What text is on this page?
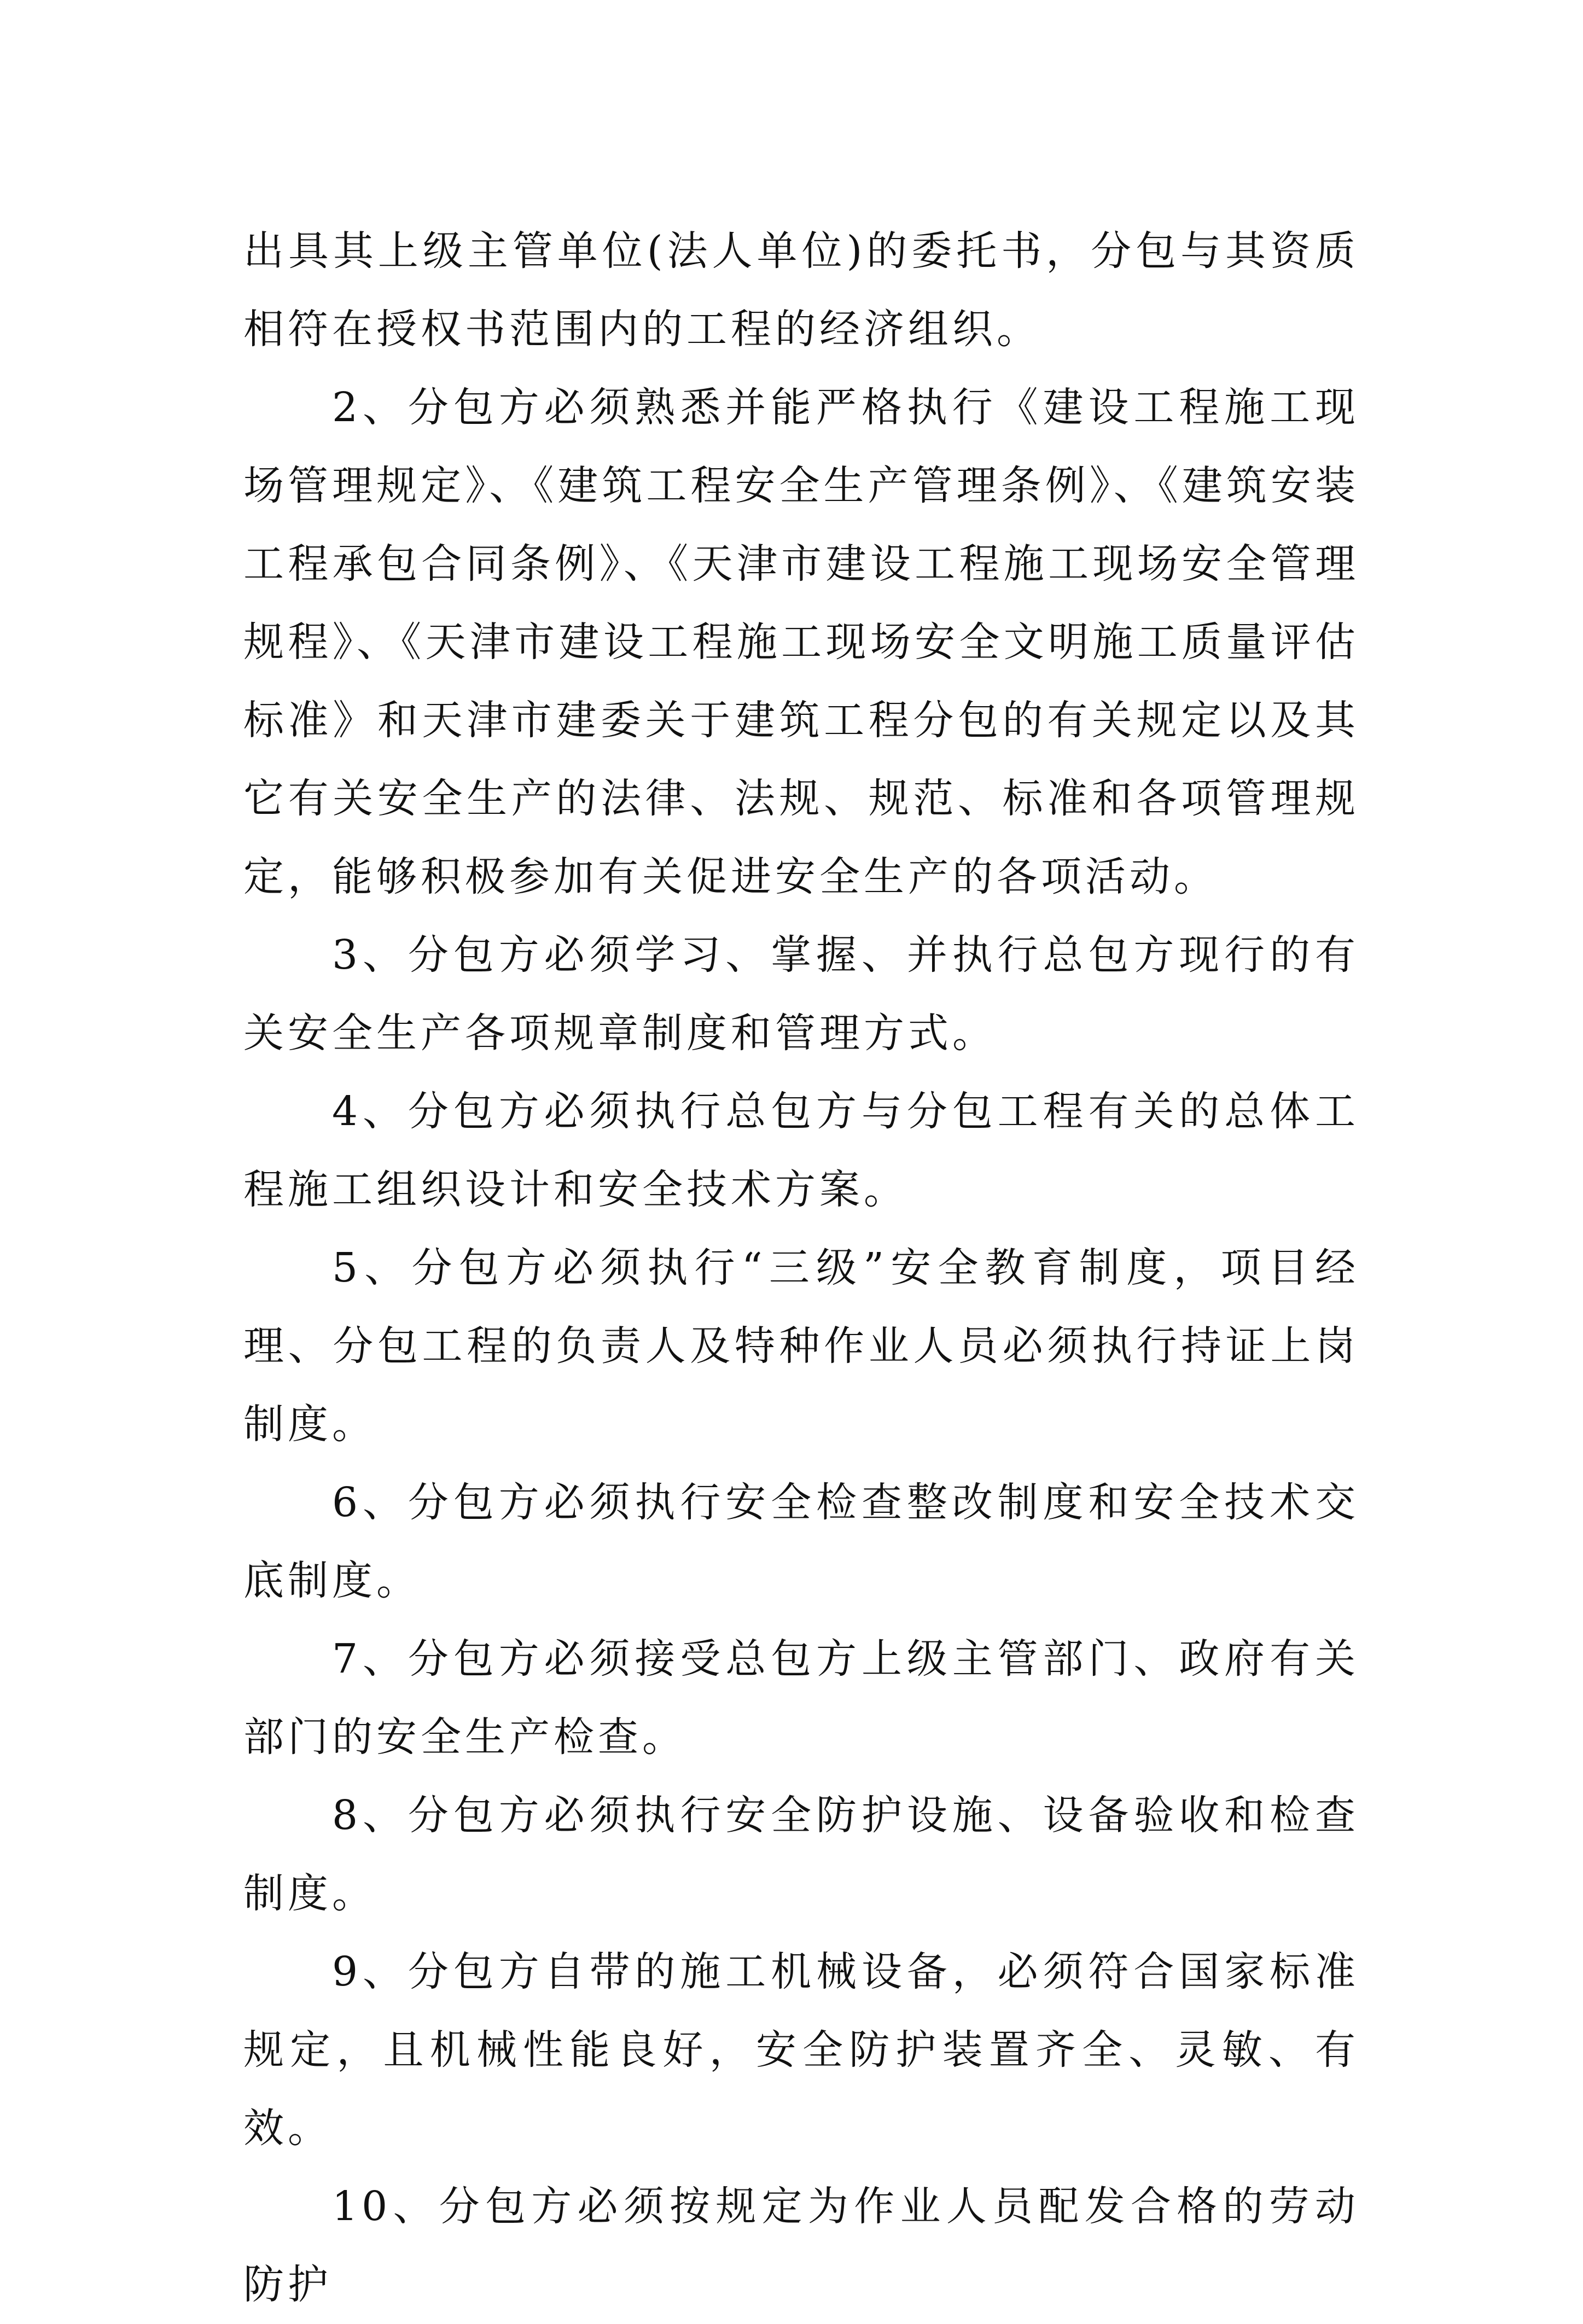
出具其上级主管单位(法人单位)的委托书，分包与其资质相符在授权书范围内的工程的经济组织。

2、分包方必须熟悉并能严格执行《建设工程施工现场管理规定》、《建筑工程安全生产管理条例》、《建筑安装工程承包合同条例》、《天津市建设工程施工现场安全管理规程》、《天津市建设工程施工现场安全文明施工质量评估标准》和天津市建委关于建筑工程分包的有关规定以及其它有关安全生产的法律、法规、规范、标准和各项管理规定，能够积极参加有关促进安全生产的各项活动。

3、分包方必须学习、掌握、并执行总包方现行的有关安全生产各项规章制度和管理方式。

4、分包方必须执行总包方与分包工程有关的总体工程施工组织设计和安全技术方案。

5、分包方必须执行“三级”安全教育制度，项目经理、分包工程的负责人及特种作业人员必须执行持证上岗制度。

6、分包方必须执行安全检查整改制度和安全技术交底制度。

7、分包方必须接受总包方上级主管部门、政府有关部门的安全生产检查。

8、分包方必须执行安全防护设施、设备验收和检查制度。

9、分包方自带的施工机械设备，必须符合国家标准规定，且机械性能良好，安全防护装置齐全、灵敏、有效。

10、分包方必须按规定为作业人员配发合格的劳动防护
